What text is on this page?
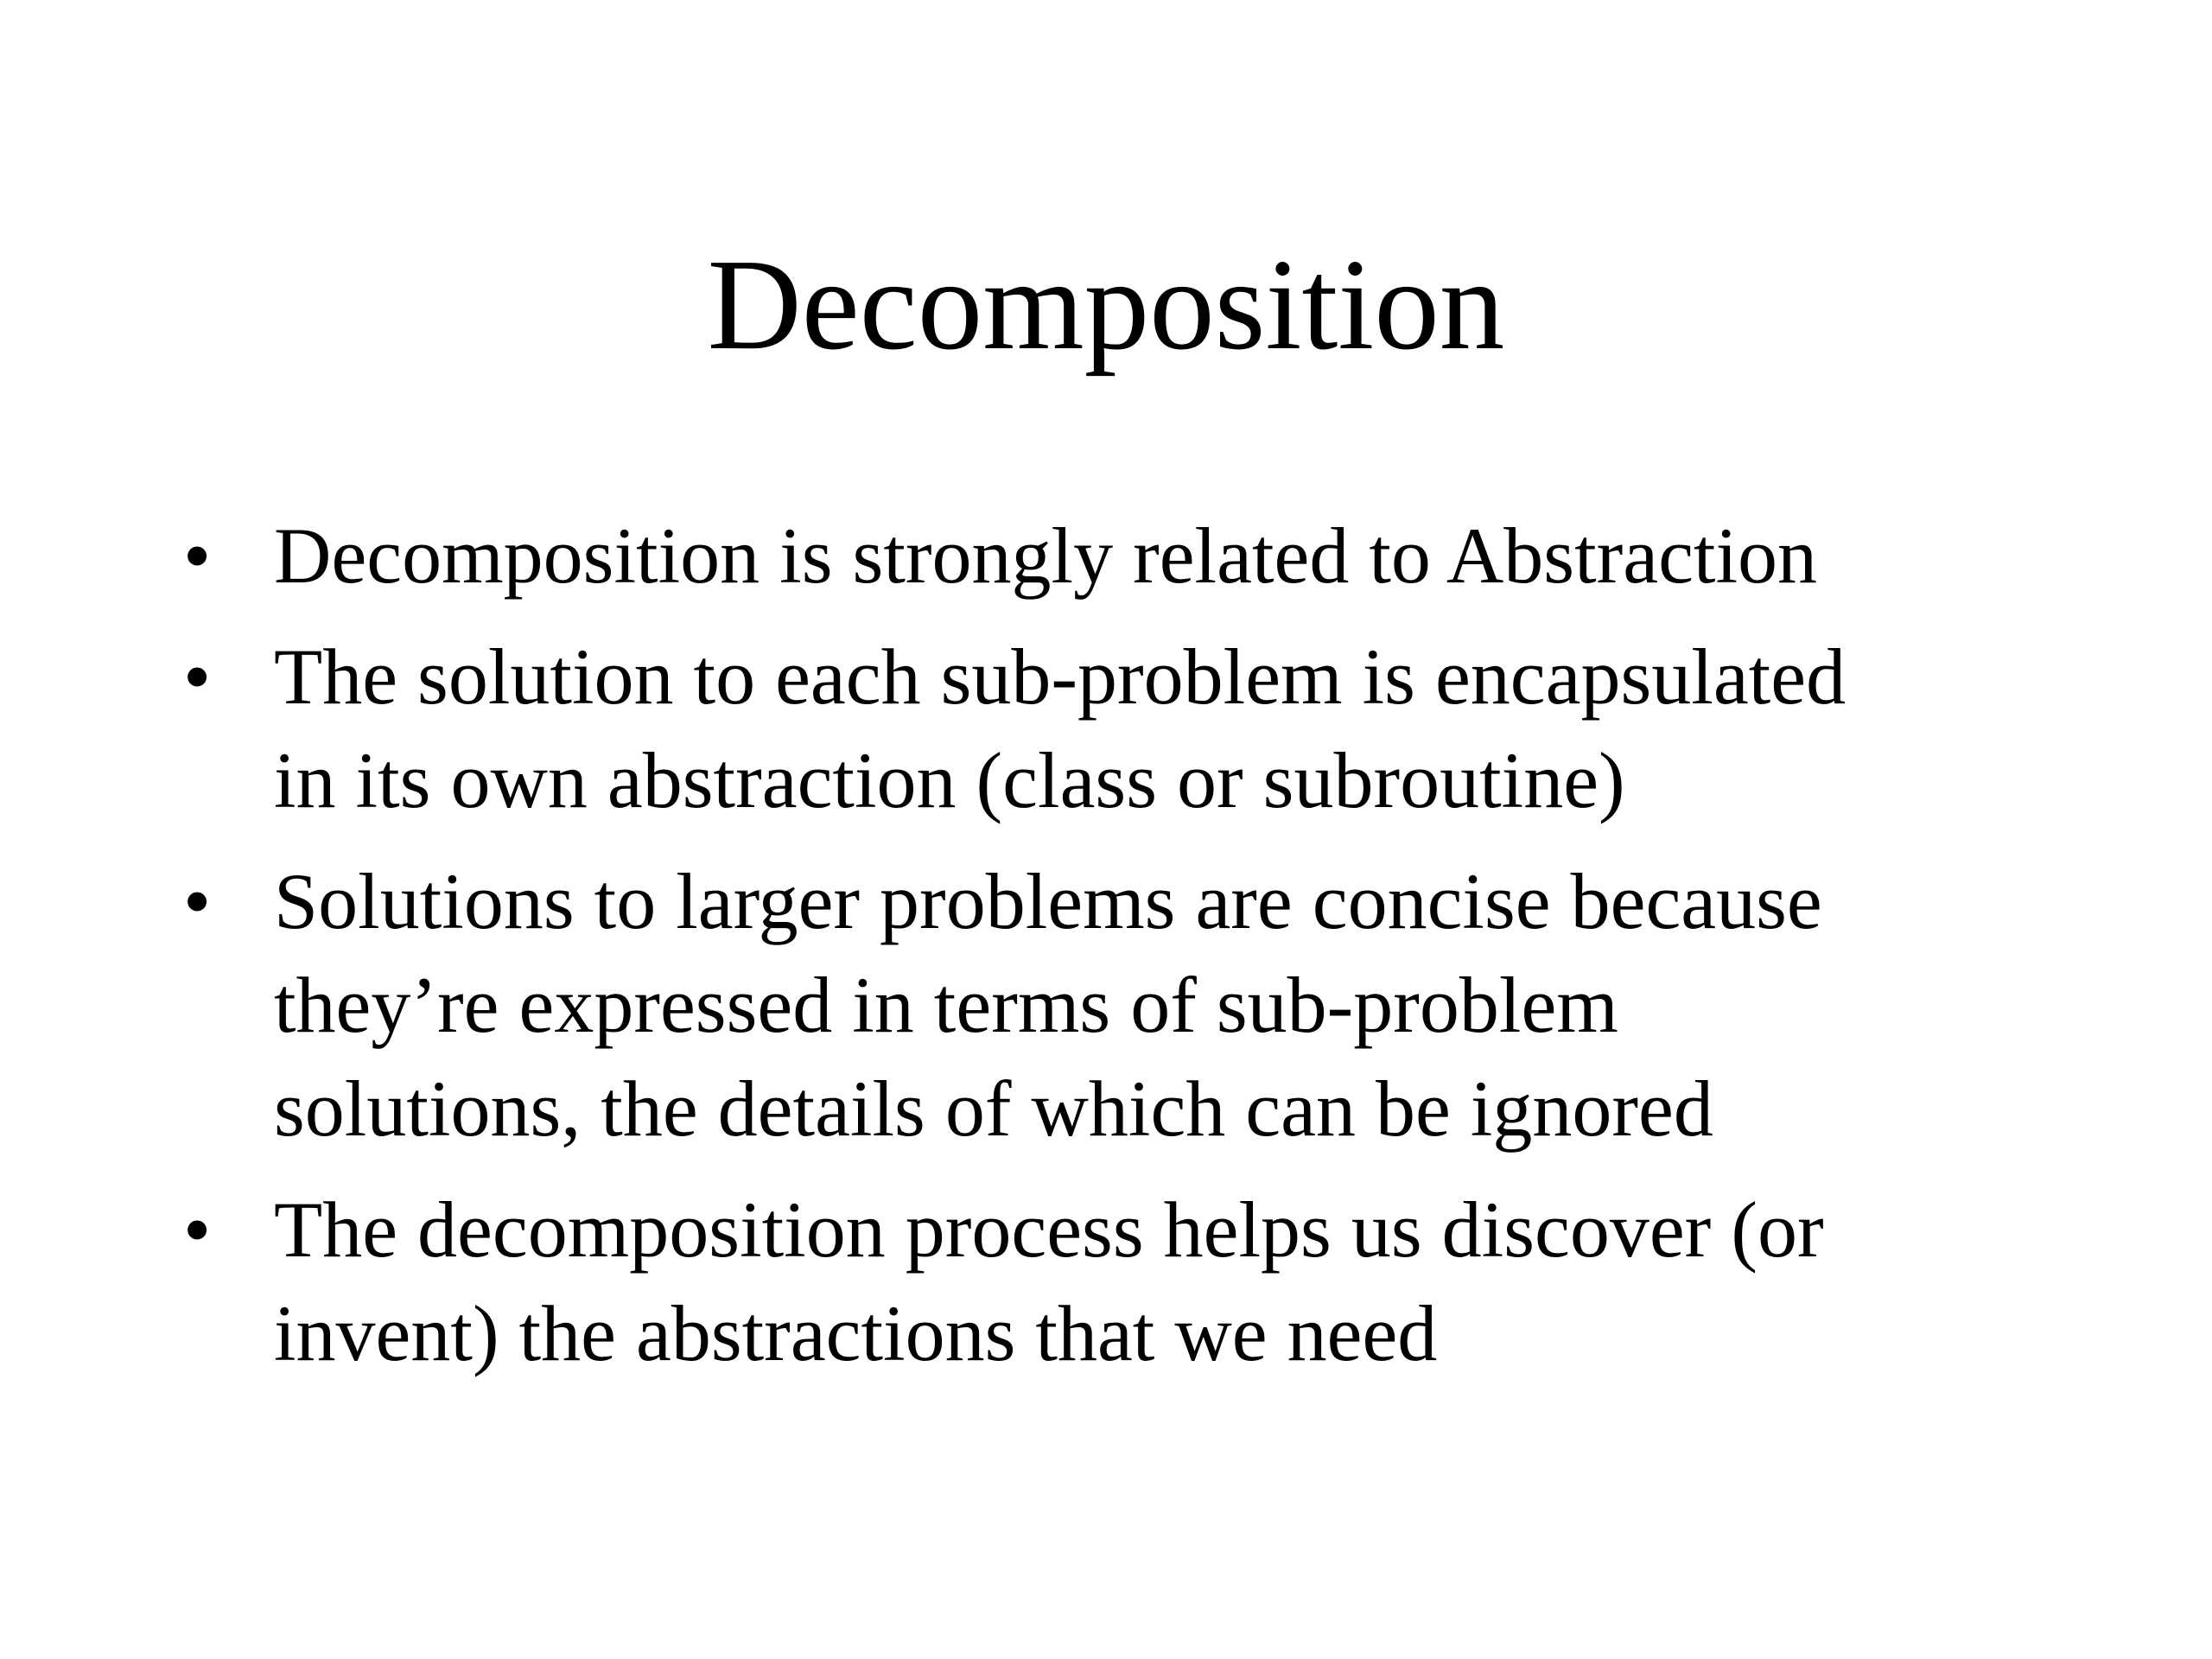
Decomposition
• Decomposition is strongly related to Abstraction
• The solution to each sub-problem is encapsulated
in its own abstraction (class or subroutine)
• Solutions to larger problems are concise because
they’re expressed in terms of sub-problem
solutions, the details of which can be ignored
• The decomposition process helps us discover (or
invent) the abstractions that we need
